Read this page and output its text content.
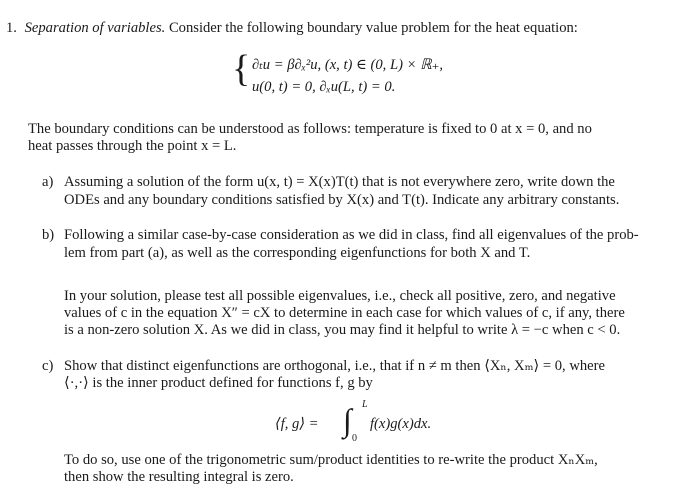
1. Separation of variables. Consider the following boundary value problem for the heat equation:
{ ∂ₜu = β∂ₓ²u, (x, t) ∈ (0, L) × ℝ₊,
u(0, t) = 0, ∂ₓu(L, t) = 0.
The boundary conditions can be understood as follows: temperature is fixed to 0 at x = 0, and no
heat passes through the point x = L.
a) Assuming a solution of the form u(x, t) = X(x)T(t) that is not everywhere zero, write down the
ODEs and any boundary conditions satisfied by X(x) and T(t). Indicate any arbitrary constants.
b) Following a similar case-by-case consideration as we did in class, find all eigenvalues of the prob-
lem from part (a), as well as the corresponding eigenfunctions for both X and T.
In your solution, please test all possible eigenvalues, i.e., check all positive, zero, and negative
values of c in the equation X″ = cX to determine in each case for which values of c, if any, there
is a non-zero solution X. As we did in class, you may find it helpful to write λ = −c when c < 0.
c) Show that distinct eigenfunctions are orthogonal, i.e., that if n ≠ m then ⟨Xₙ, Xₘ⟩ = 0, where
⟨·,·⟩ is the inner product defined for functions f, g by
⟨f, g⟩ = ∫ L
0
f(x)g(x)dx.
To do so, use one of the trigonometric sum/product identities to re-write the product XₙXₘ,
then show the resulting integral is zero.
